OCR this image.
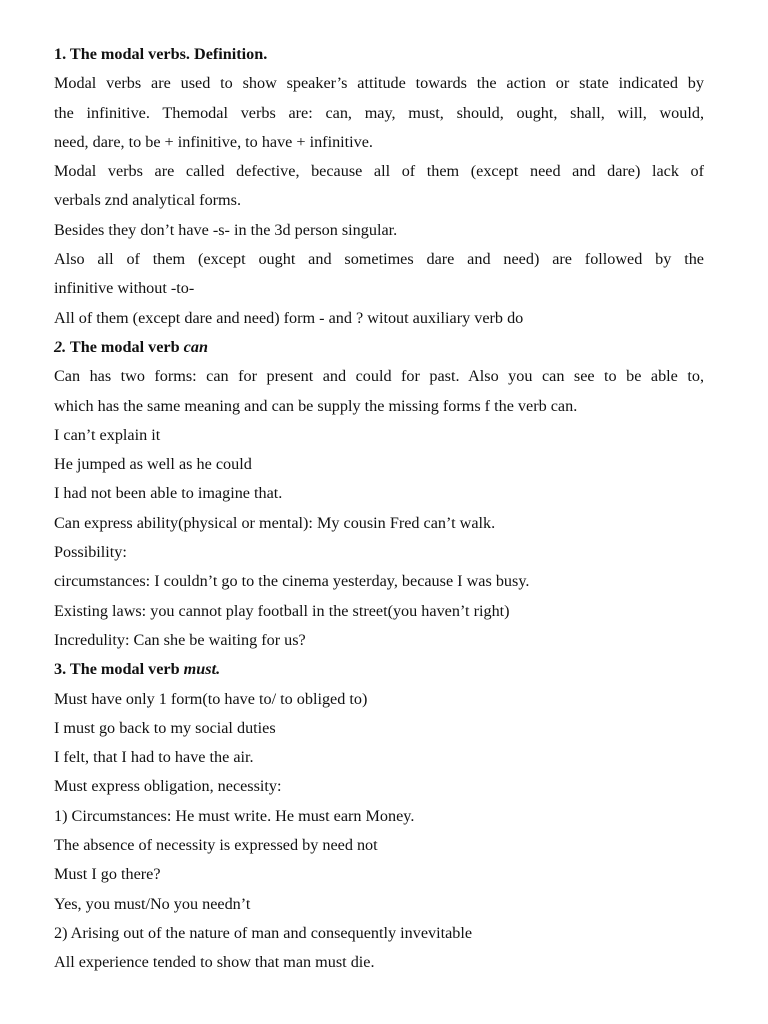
1. The modal verbs. Definition.

Modal verbs are used to show speaker’s attitude towards the action or state indicated by

the infinitive. Themodal verbs are: can, may, must, should, ought, shall, will, would,

need, dare, to be + infinitive, to have + infinitive.

Modal verbs are called defective, because all of them (except need and dare) lack of

verbals znd analytical forms.

Besides they don’t have -s- in the 3d person singular.

Also all of them (except ought and sometimes dare and need) are followed by the

infinitive without -to-

All of them (except dare and need) form - and ? witout auxiliary verb do

2. The modal verb can

Can has two forms: can for present and could for past. Also you can see to be able to,

which has the same meaning and can be supply the missing forms f the verb can.

I can’t explain it

He jumped as well as he could

I had not been able to imagine that.

Can express ability(physical or mental): My cousin Fred can’t walk.

Possibility:

circumstances: I couldn’t go to the cinema yesterday, because I was busy.

Existing laws: you cannot play football in the street(you haven’t right)

Incredulity: Can she be waiting for us?

3. The modal verb must.

Must have only 1 form(to have to/ to obliged to)

I must go back to my social duties

I felt, that I had to have the air.

Must express obligation, necessity:

1) Circumstances: He must write. He must earn Money.

The absence of necessity is expressed by need not

Must I go there?

Yes, you must/No you needn’t

2) Arising out of the nature of man and consequently invevitable

All experience tended to show that man must die.
